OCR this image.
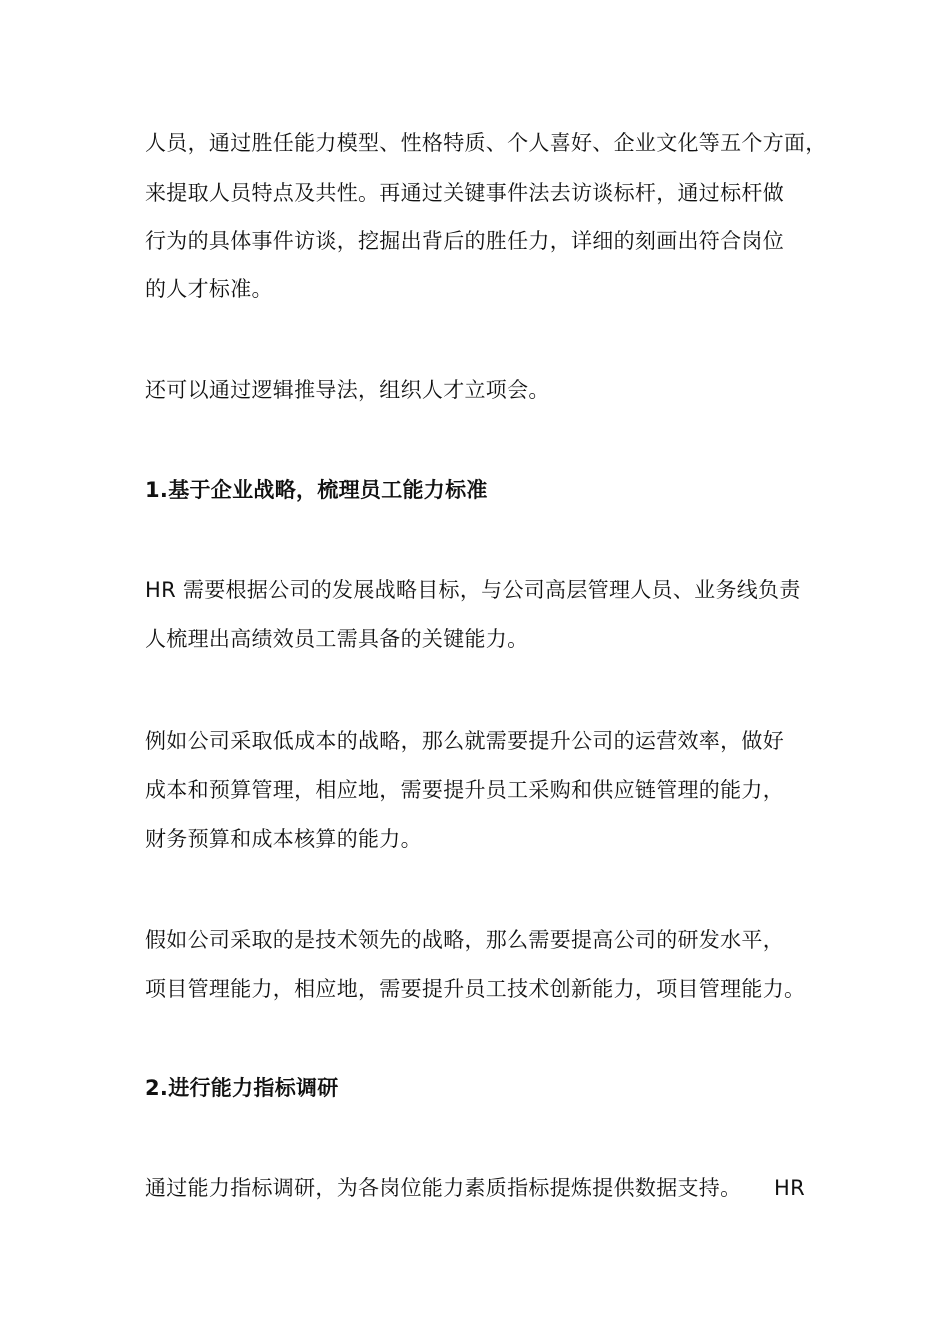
人员，通过胜任能力模型、性格特质、个人喜好、企业文化等五个方面，
来提取人员特点及共性。再通过关键事件法去访谈标杆，通过标杆做
行为的具体事件访谈，挖掘出背后的胜任力，详细的刻画出符合岗位
的人才标准。
还可以通过逻辑推导法，组织人才立项会。
1.基于企业战略，梳理员工能力标准
HR 需要根据公司的发展战略目标，与公司高层管理人员、业务线负责
人梳理出高绩效员工需具备的关键能力。
例如公司采取低成本的战略，那么就需要提升公司的运营效率，做好
成本和预算管理，相应地，需要提升员工采购和供应链管理的能力，
财务预算和成本核算的能力。
假如公司采取的是技术领先的战略，那么需要提高公司的研发水平，
项目管理能力，相应地，需要提升员工技术创新能力，项目管理能力。
2.进行能力指标调研
通过能力指标调研，为各岗位能力素质指标提炼提供数据支持。 HR
